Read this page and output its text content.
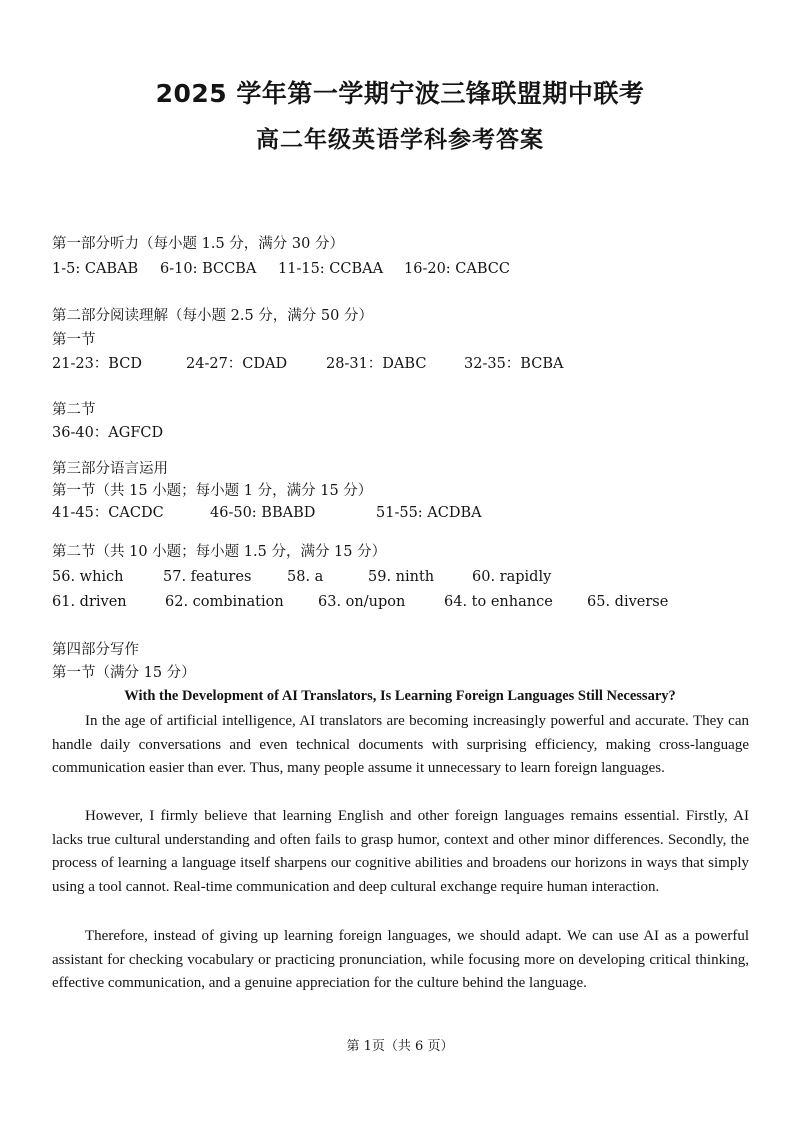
2025 学年第一学期宁波三锋联盟期中联考
高二年级英语学科参考答案
第一部分听力（每小题 1.5 分，满分 30 分）
1-5: CABAB 6-10: BCCBA 11-15: CCBAA 16-20: CABCC
第二部分阅读理解（每小题 2.5 分，满分 50 分）
第一节
21-23：BCD	24-27：CDAD	28-31：DABC	32-35：BCBA
第二节
36-40：AGFCD
第三部分语言运用
第一节（共 15 小题；每小题 1 分，满分 15 分）
41-45：CACDC	46-50: BBABD	51-55: ACDBA
第二节（共 10 小题；每小题 1.5 分，满分 15 分）
56. which	57. features 58. a	59. ninth	60. rapidly
61. driven	62. combination 63. on/upon	64. to enhance 65. diverse
第四部分写作
第一节（满分 15 分）
With the Development of AI Translators, Is Learning Foreign Languages Still Necessary?

In the age of artificial intelligence, AI translators are becoming increasingly powerful and accurate. They can handle daily conversations and even technical documents with surprising efficiency, making cross-language communication easier than ever. Thus, many people assume it unnecessary to learn foreign languages.

However, I firmly believe that learning English and other foreign languages remains essential. Firstly, AI lacks true cultural understanding and often fails to grasp humor, context and other minor differences. Secondly, the process of learning a language itself sharpens our cognitive abilities and broadens our horizons in ways that simply using a tool cannot. Real-time communication and deep cultural exchange require human interaction.

Therefore, instead of giving up learning foreign languages, we should adapt. We can use AI as a powerful assistant for checking vocabulary or practicing pronunciation, while focusing more on developing critical thinking, effective communication, and a genuine appreciation for the culture behind the language.

第 1页（共 6 页）
